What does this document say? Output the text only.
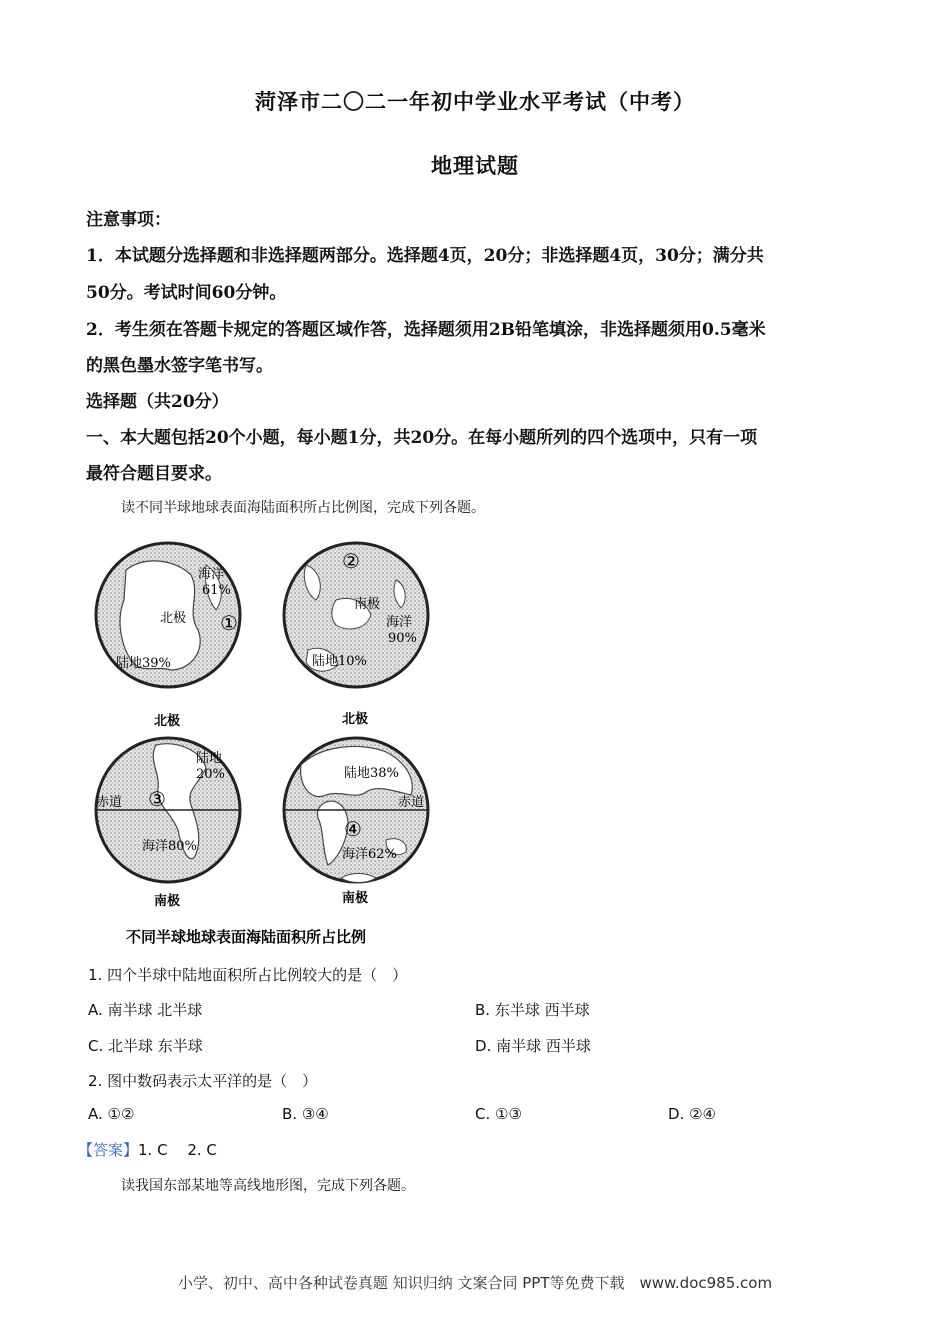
菏泽市二〇二一年初中学业水平考试（中考）
地理试题
注意事项：
1．本试题分选择题和非选择题两部分。选择题4页，20分；非选择题4页，30分；满分共
50分。考试时间60分钟。
2．考生须在答题卡规定的答题区域作答，选择题须用2B铅笔填涂，非选择题须用0.5毫米
的黑色墨水签字笔书写。
选择题（共20分）
一、本大题包括20个小题，每小题1分，共20分。在每小题所列的四个选项中，只有一项
最符合题目要求。
读不同半球地球表面海陆面积所占比例图，完成下列各题。
海洋
61%
北极 ①
陆地39%
②
南极
海洋
90%
陆地10%
北极
陆地
20%
赤道 ③
海洋80%
南极
北极
陆地38%
赤道
④
海洋62%
南极
不同半球地球表面海陆面积所占比例
1. 四个半球中陆地面积所占比例较大的是（　）
A. 南半球 北半球	B. 东半球 西半球
C. 北半球 东半球	D. 南半球 西半球
2. 图中数码表示太平洋的是（　）
A. ①②	B. ③④	C. ①③	D. ②④
【答案】1. C　 2. C
读我国东部某地等高线地形图，完成下列各题。
小学、初中、高中各种试卷真题 知识归纳 文案合同 PPT等免费下载　www.doc985.com
